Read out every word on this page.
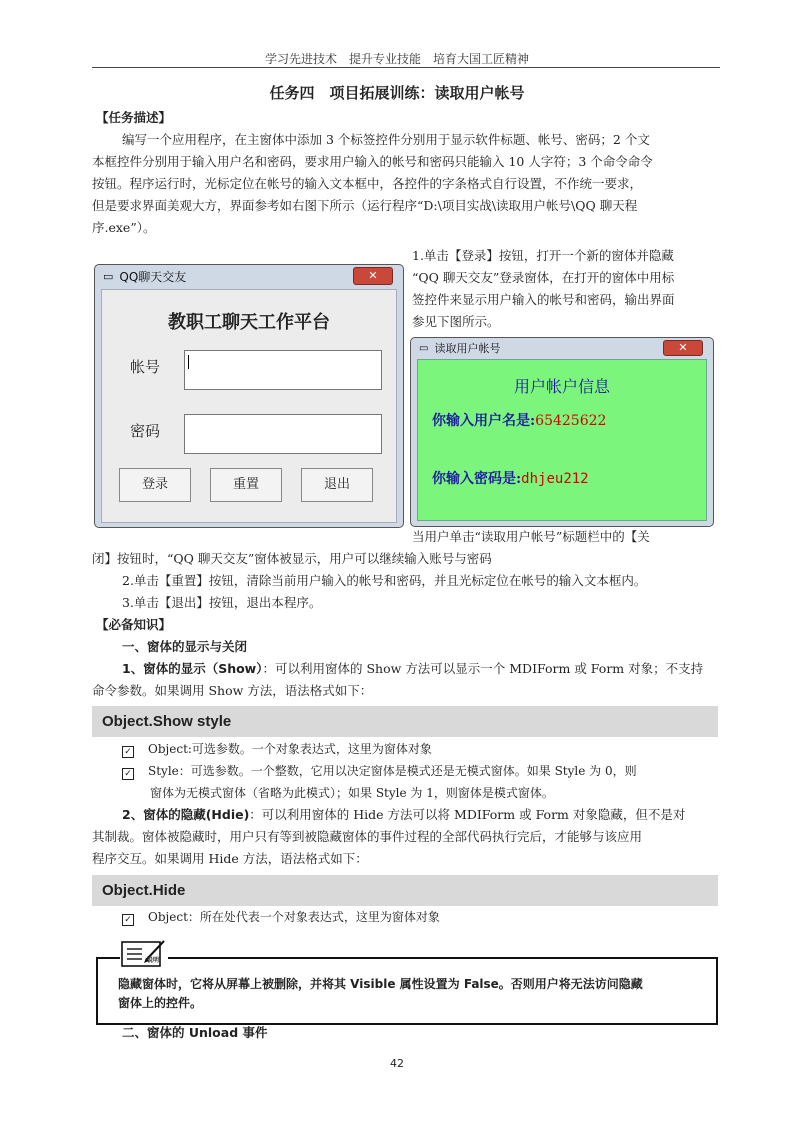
学习先进技术　提升专业技能　培育大国工匠精神
任务四　项目拓展训练：读取用户帐号
【任务描述】
编写一个应用程序，在主窗体中添加 3 个标签控件分别用于显示软件标题、帐号、密码；2 个文
本框控件分别用于输入用户名和密码，要求用户输入的帐号和密码只能输入 10 人字符；3 个命令命令
按钮。程序运行时，光标定位在帐号的输入文本框中，各控件的字条格式自行设置，不作统一要求，
但是要求界面美观大方，界面参考如右图下所示（运行程序“D:\项目实战\读取用户帐号\QQ 聊天程
序.exe”）。
▭ QQ聊天交友	✕
教职工聊天工作平台
帐号
密码
登录	重置	退出
1.单击【登录】按钮，打开一个新的窗体并隐藏
“QQ 聊天交友”登录窗体，在打开的窗体中用标
签控件来显示用户输入的帐号和密码，输出界面
参见下图所示。
▭ 读取用户帐号	✕
用户帐户信息
你输入用户名是:65425622
你输入密码是:dhjeu212
当用户单击“读取用户帐号”标题栏中的【关
闭】按钮时，“QQ 聊天交友”窗体被显示，用户可以继续输入账号与密码
2.单击【重置】按钮，清除当前用户输入的帐号和密码，并且光标定位在帐号的输入文本框内。
3.单击【退出】按钮，退出本程序。
【必备知识】
一、窗体的显示与关闭
1、窗体的显示（Show）：可以利用窗体的 Show 方法可以显示一个 MDIForm 或 Form 对象；不支持
命令参数。如果调用 Show 方法，语法格式如下：
Object.Show style
✓ Object:可选参数。一个对象表达式，这里为窗体对象
✓ Style：可选参数。一个整数，它用以决定窗体是模式还是无模式窗体。如果 Style 为 0，则
窗体为无模式窗体（省略为此模式）；如果 Style 为 1，则窗体是模式窗体。
2、窗体的隐藏(Hdie)：可以利用窗体的 Hide 方法可以将 MDIForm 或 Form 对象隐藏，但不是对
其制裁。窗体被隐藏时，用户只有等到被隐藏窗体的事件过程的全部代码执行完后，才能够与该应用
程序交互。如果调用 Hide 方法，语法格式如下：
Object.Hide
✓ Object：所在处代表一个对象表达式，这里为窗体对象
隐藏窗体时，它将从屏幕上被删除，并将其 Visible 属性设置为 False。否则用户将无法访问隐藏
窗体上的控件。
说明
二、窗体的 Unload 事件
42
